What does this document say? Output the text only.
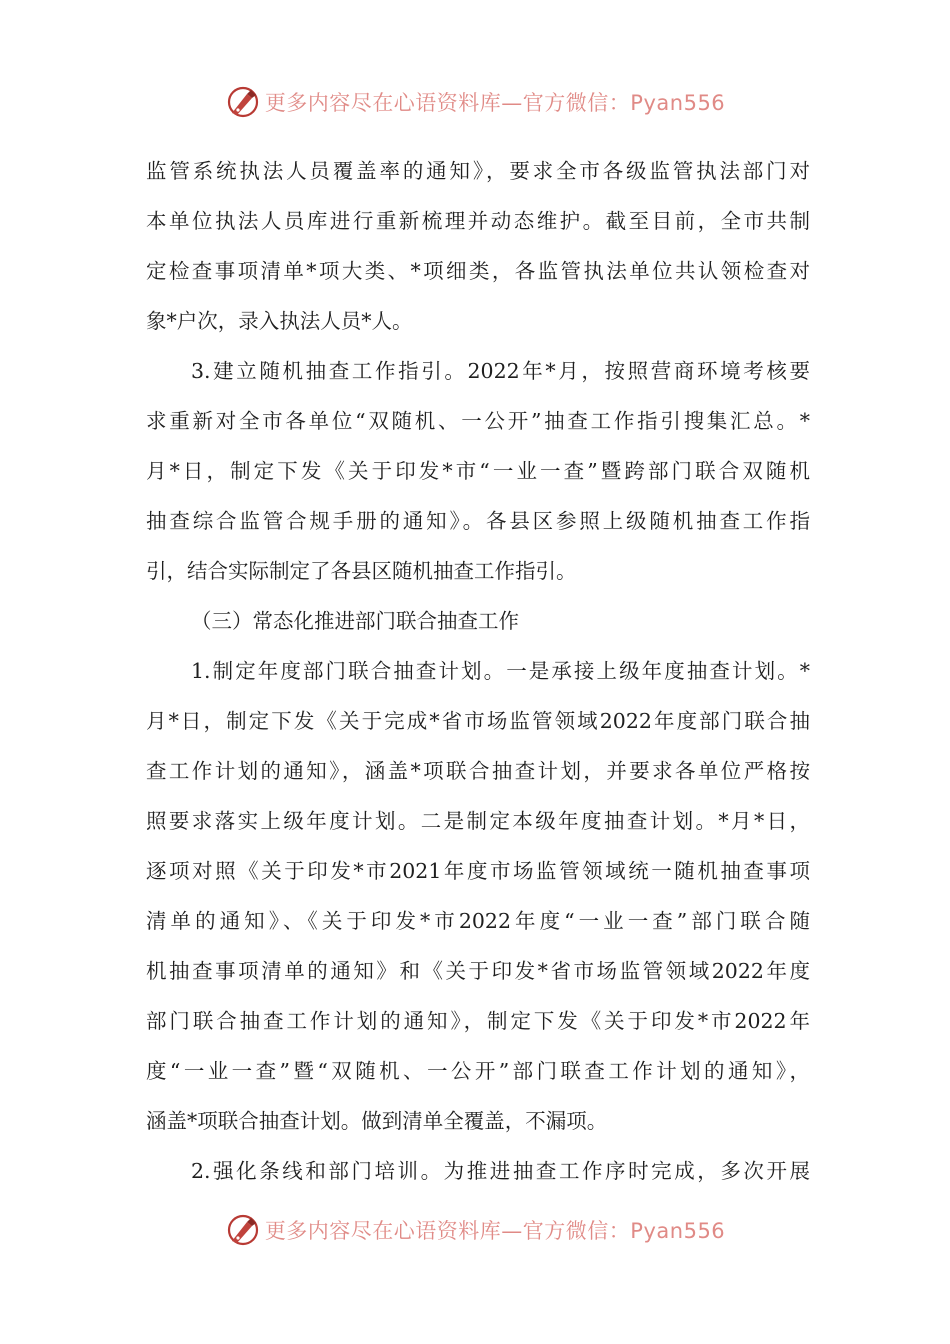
更多内容尽在心语资料库—官方微信：Pyan556
监管系统执法人员覆盖率的通知》，要求全市各级监管执法部门对
本单位执法人员库进行重新梳理并动态维护。截至目前，全市共制
定检查事项清单*项大类、*项细类，各监管执法单位共认领检查对
象*户次，录入执法人员*人。
3.建立随机抽查工作指引。2022年*月，按照营商环境考核要
求重新对全市各单位“双随机、一公开”抽查工作指引搜集汇总。*
月*日，制定下发《关于印发*市“一业一查”暨跨部门联合双随机
抽查综合监管合规手册的通知》。各县区参照上级随机抽查工作指
引，结合实际制定了各县区随机抽查工作指引。
（三）常态化推进部门联合抽查工作
1.制定年度部门联合抽查计划。一是承接上级年度抽查计划。*
月*日，制定下发《关于完成*省市场监管领域2022年度部门联合抽
查工作计划的通知》，涵盖*项联合抽查计划，并要求各单位严格按
照要求落实上级年度计划。二是制定本级年度抽查计划。*月*日，
逐项对照《关于印发*市2021年度市场监管领域统一随机抽查事项
清单的通知》、《关于印发*市2022年度“一业一查”部门联合随
机抽查事项清单的通知》和《关于印发*省市场监管领域2022年度
部门联合抽查工作计划的通知》，制定下发《关于印发*市2022年
度“一业一查”暨“双随机、一公开”部门联查工作计划的通知》，
涵盖*项联合抽查计划。做到清单全覆盖，不漏项。
2.强化条线和部门培训。为推进抽查工作序时完成，多次开展
更多内容尽在心语资料库—官方微信：Pyan556
